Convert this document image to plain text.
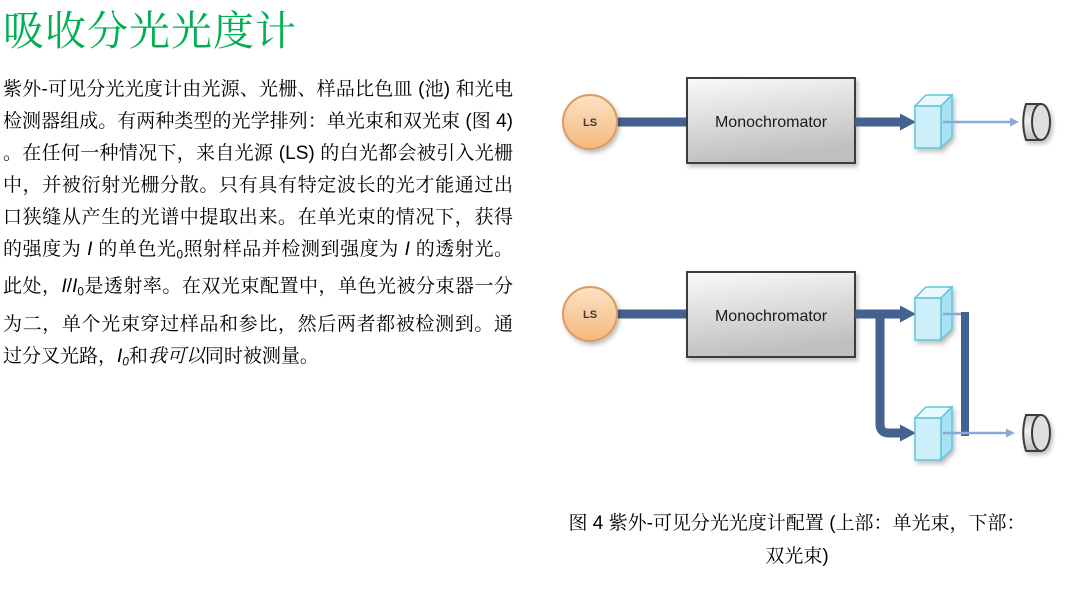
吸收分光光度计

紫外-可见分光光度计由光源、光栅、样品比色皿 (池) 和光电检测器组成。有两种类型的光学排列：单光束和双光束 (图 4) 。在任何一种情况下，来自光源 (LS) 的白光都会被引入光栅中，并被衍射光栅分散。只有具有特定波长的光才能通过出口狭缝从产生的光谱中提取出来。在单光束的情况下，获得的强度为 I 的单色光0照射样品并检测到强度为 I 的透射光。此处，I/I0是透射率。在双光束配置中，单色光被分束器一分为二，单个光束穿过样品和参比，然后两者都被检测到。通过分叉光路，I0和我可以同时被测量。

LS	Monochromator
LS	Monochromator
图 4 紫外-可见分光光度计配置 (上部：单光束，下部：
双光束)
